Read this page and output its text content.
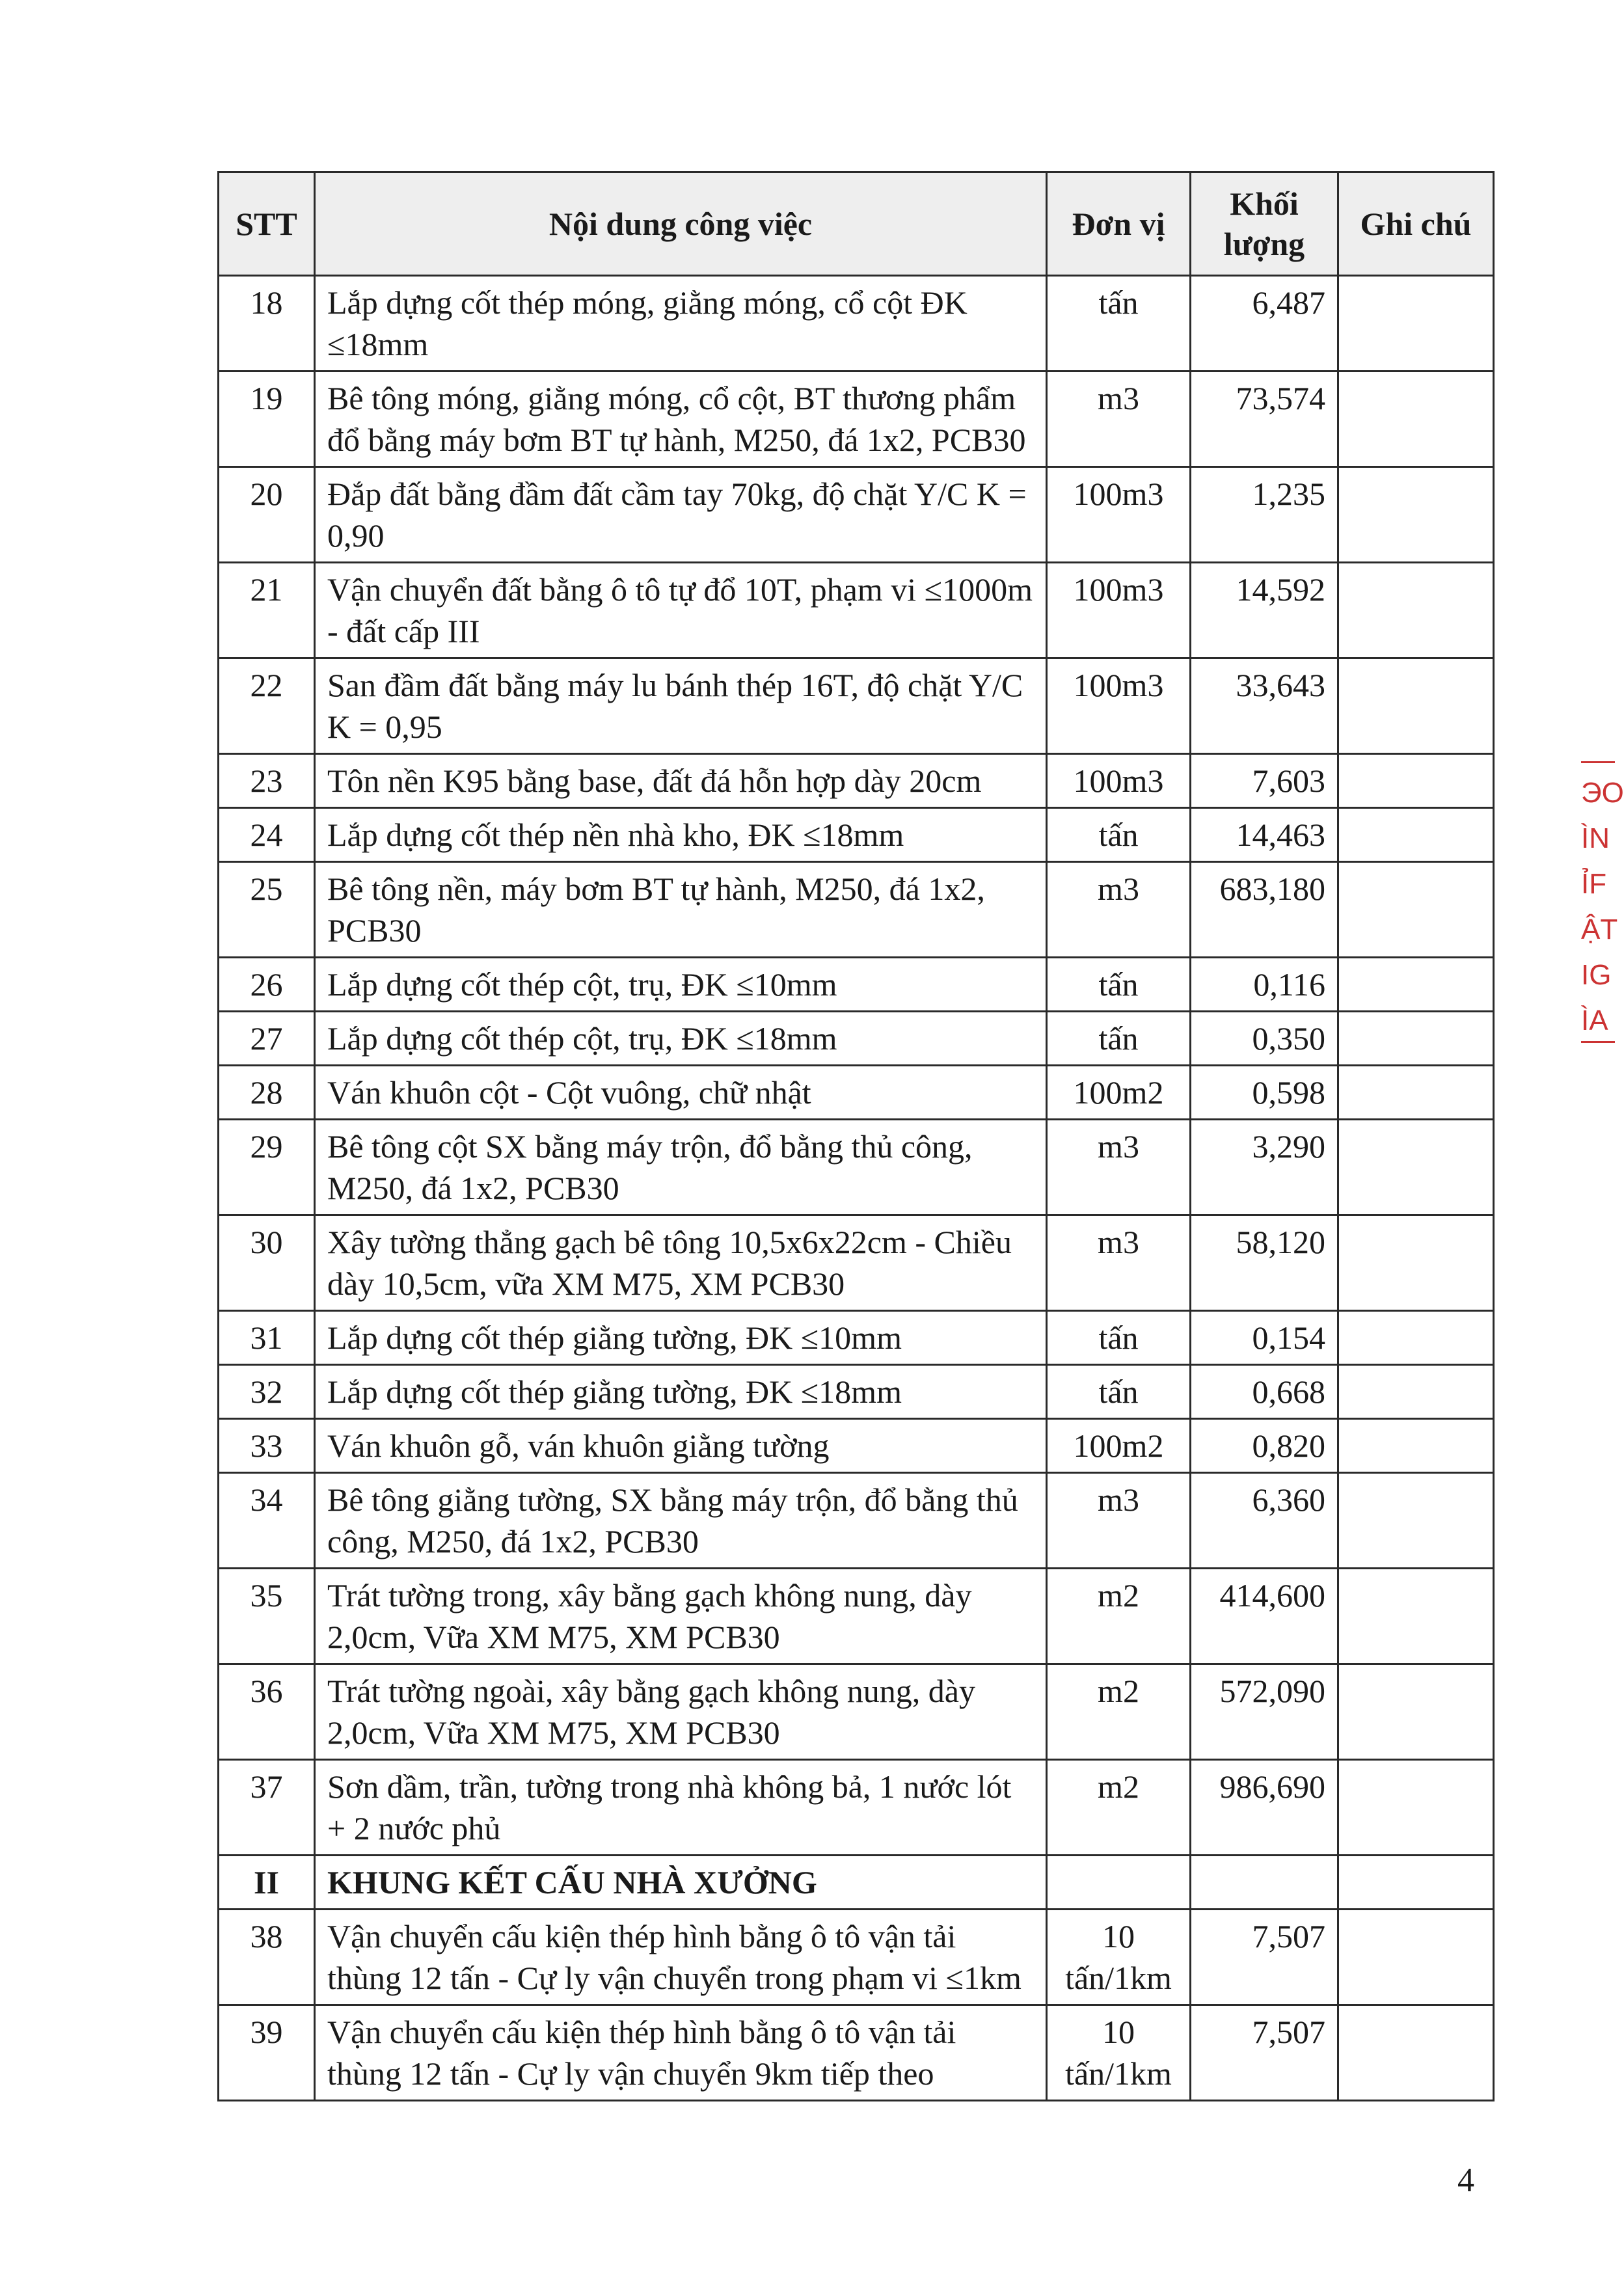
STT	Nội dung công việc	Đơn vị	Khối lượng	Ghi chú
18	Lắp dựng cốt thép móng, giằng móng, cổ cột ĐK ≤18mm	tấn	6,487	
19	Bê tông móng, giằng móng, cổ cột, BT thương phẩm đổ bằng máy bơm BT tự hành, M250, đá 1x2, PCB30	m3	73,574	
20	Đắp đất bằng đầm đất cầm tay 70kg, độ chặt Y/C K = 0,90	100m3	1,235	
21	Vận chuyển đất bằng ô tô tự đổ 10T, phạm vi ≤1000m - đất cấp III	100m3	14,592	
22	San đầm đất bằng máy lu bánh thép 16T, độ chặt Y/C K = 0,95	100m3	33,643	
23	Tôn nền K95 bằng base, đất đá hỗn hợp dày 20cm	100m3	7,603	
24	Lắp dựng cốt thép nền nhà kho, ĐK ≤18mm	tấn	14,463	
25	Bê tông nền, máy bơm BT tự hành, M250, đá 1x2, PCB30	m3	683,180	
26	Lắp dựng cốt thép cột, trụ, ĐK ≤10mm	tấn	0,116	
27	Lắp dựng cốt thép cột, trụ, ĐK ≤18mm	tấn	0,350	
28	Ván khuôn cột - Cột vuông, chữ nhật	100m2	0,598	
29	Bê tông cột SX bằng máy trộn, đổ bằng thủ công, M250, đá 1x2, PCB30	m3	3,290	
30	Xây tường thẳng gạch bê tông 10,5x6x22cm - Chiều dày 10,5cm, vữa XM M75, XM PCB30	m3	58,120	
31	Lắp dựng cốt thép giằng tường, ĐK ≤10mm	tấn	0,154	
32	Lắp dựng cốt thép giằng tường, ĐK ≤18mm	tấn	0,668	
33	Ván khuôn gỗ, ván khuôn giằng tường	100m2	0,820	
34	Bê tông giằng tường, SX bằng máy trộn, đổ bằng thủ công, M250, đá 1x2, PCB30	m3	6,360	
35	Trát tường trong, xây bằng gạch không nung, dày 2,0cm, Vữa XM M75, XM PCB30	m2	414,600	
36	Trát tường ngoài, xây bằng gạch không nung, dày 2,0cm, Vữa XM M75, XM PCB30	m2	572,090	
37	Sơn dầm, trần, tường trong nhà không bả, 1 nước lót + 2 nước phủ	m2	986,690	
II	KHUNG KẾT CẤU NHÀ XƯỞNG			
38	Vận chuyển cấu kiện thép hình bằng ô tô vận tải thùng 12 tấn - Cự ly vận chuyển trong phạm vi ≤1km	10 tấn/1km	7,507	
39	Vận chuyển cấu kiện thép hình bằng ô tô vận tải thùng 12 tấn - Cự ly vận chuyển 9km tiếp theo	10 tấn/1km	7,507	
ЭО
ÌN
ỈF
ẬT
IG
ÌA
4
